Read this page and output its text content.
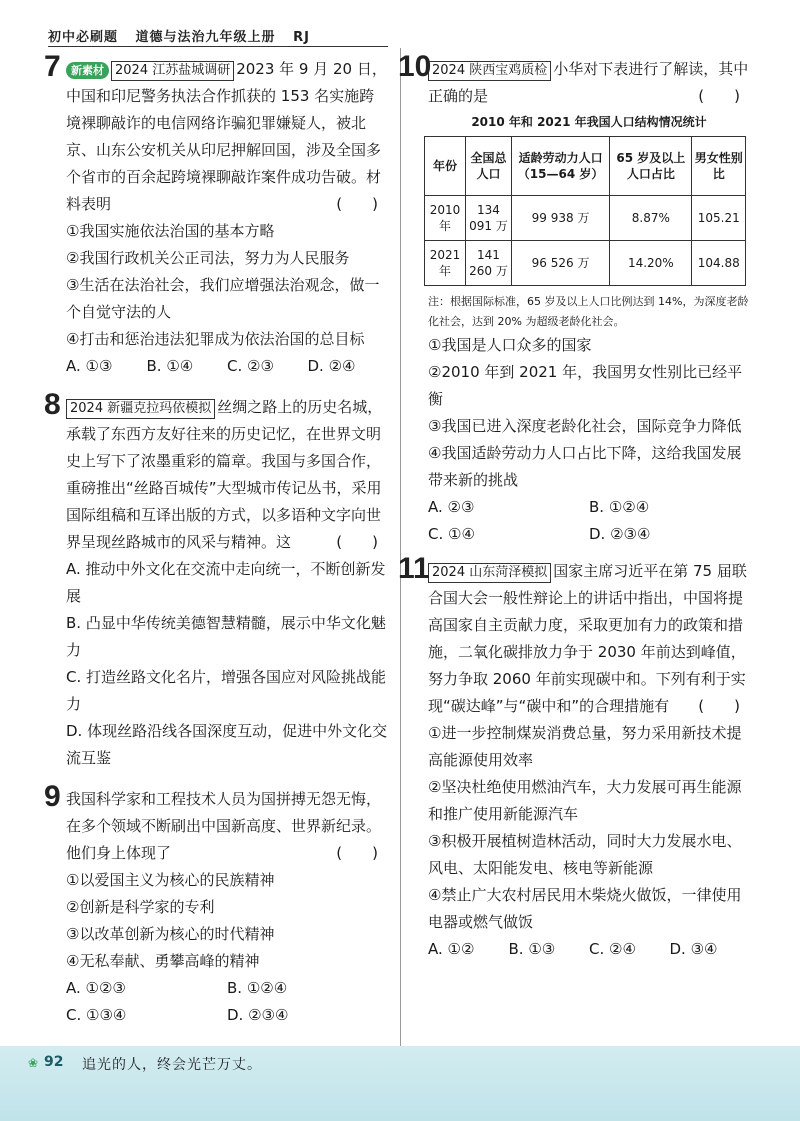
初中必刷题 道德与法治九年级上册 RJ
7 新素材 2024 江苏盐城调研 2023 年 9 月 20 日，中国和印尼警务执法合作抓获的 153 名实施跨境裸聊敲诈的电信网络诈骗犯罪嫌疑人，被北京、山东公安机关从印尼押解回国，涉及全国多个省市的百余起跨境裸聊敲诈案件成功告破。材料表明	(　　)

①我国实施依法治国的基本方略

②我国行政机关公正司法，努力为人民服务

③生活在法治社会，我们应增强法治观念，做一个自觉守法的人

④打击和惩治违法犯罪成为依法治国的总目标

A. ①③	B. ①④	C. ②③	D. ②④
8 2024 新疆克拉玛依模拟 丝绸之路上的历史名城，承载了东西方友好往来的历史记忆，在世界文明史上写下了浓墨重彩的篇章。我国与多国合作，重磅推出“丝路百城传”大型城市传记丛书，采用国际组稿和互译出版的方式，以多语种文字向世界呈现丝路城市的风采与精神。这	(　　)

A. 推动中外文化在交流中走向统一，不断创新发展

B. 凸显中华传统美德智慧精髓，展示中华文化魅力

C. 打造丝路文化名片，增强各国应对风险挑战能力

D. 体现丝路沿线各国深度互动，促进中外文化交流互鉴

9 我国科学家和工程技术人员为国拼搏无怨无悔，在多个领域不断刷出中国新高度、世界新纪录。他们身上体现了	(　　)

①以爱国主义为核心的民族精神

②创新是科学家的专利

③以改革创新为核心的时代精神

④无私奉献、勇攀高峰的精神

A. ①②③	B. ①②④
C. ①③④	D. ②③④
10 2024 陕西宝鸡质检 小华对下表进行了解读，其中正确的是	(　　)
2010 年和 2021 年我国人口结构情况统计
年份	全国总人口	适龄劳动力人口（15—64 岁）	65 岁及以上人口占比	男女性别比
2010 年	134 091 万	99 938 万	8.87%	105.21
2021 年	141 260 万	96 526 万	14.20%	104.88
注：根据国际标准，65 岁及以上人口比例达到 14%，为深度老龄化社会，达到 20% 为超级老龄化社会。

①我国是人口众多的国家

②2010 年到 2021 年，我国男女性别比已经平衡

③我国已进入深度老龄化社会，国际竞争力降低

④我国适龄劳动力人口占比下降，这给我国发展带来新的挑战

A. ②③	B. ①②④
C. ①④	D. ②③④
11 2024 山东菏泽模拟 国家主席习近平在第 75 届联合国大会一般性辩论上的讲话中指出，中国将提高国家自主贡献力度，采取更加有力的政策和措施，二氧化碳排放力争于 2030 年前达到峰值，努力争取 2060 年前实现碳中和。下列有利于实现“碳达峰”与“碳中和”的合理措施有 (　　)

①进一步控制煤炭消费总量，努力采用新技术提高能源使用效率

②坚决杜绝使用燃油汽车，大力发展可再生能源和推广使用新能源汽车

③积极开展植树造林活动，同时大力发展水电、风电、太阳能发电、核电等新能源

④禁止广大农村居民用木柴烧火做饭，一律使用电器或燃气做饭

A. ①②	B. ①③	C. ②④	D. ③④
❀ 92 追光的人，终会光芒万丈。
